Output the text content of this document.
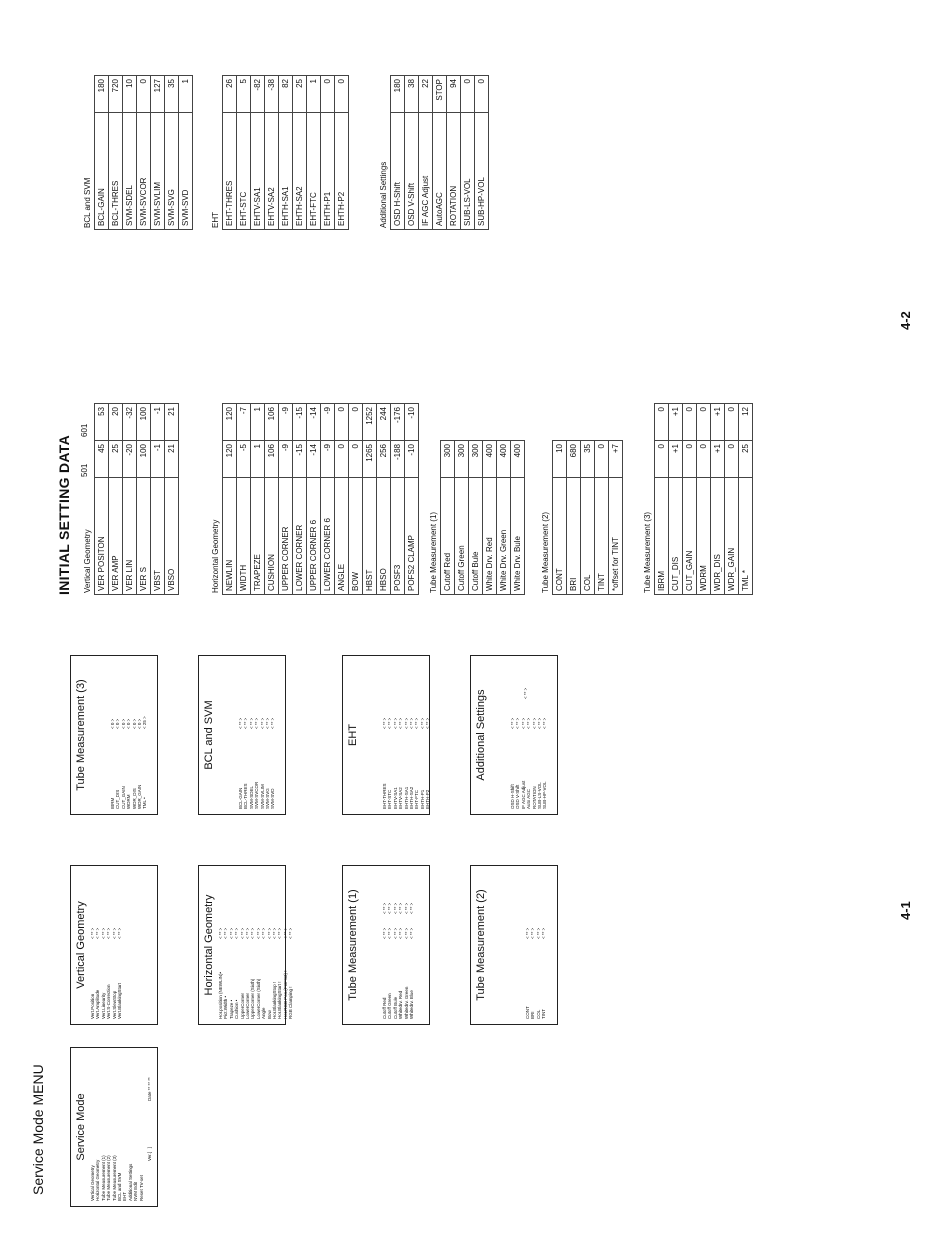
Service Mode MENU	Service Mode
Vertical Geometry Horizontal Geometry Tube Measurement (1) Tube Measurement (2) Tube Measurement (3) BCL and SVM EHT Additional Settings NVM Edit Reset TV-set
Ver.[   ]
Date ** ** **
Vertical Geometry
Vert.Position
< ** >
Vert.Amplitude
< ** >
Vert.Linearity
< ** >
Vert.S-Correction
< ** >
Vert.SlewStop
< ** >
Vert.BlankingStart
< ** >	Horizontal Geometry
Hor.position (NEWLIN)•
< ** >
Pict.Width •
< ** >
Trapeze •
< ** >
Cushion •
< ** >
UpperCorner
< ** >
LowerCorner
< ** >
UpperCorner (Sixth)
< ** >
LowerCorner (Sixth)
< ** >
Angle
< ** >
Bow
< ** >
Hor.BlankingStop !
< ** >
Hor.BlankingStart !
< ** >
Hor.RGB Pos.(POFS3) !
< ** >
RGB Clamping !
< ** >	Tube Measurement (1)
Cutoff Red
< ** >
< ** >
Cutoff Green
< ** >
< ** >
Cutoff Bule
< ** >
< ** >
Whitedrv. Red
< ** >
< ** >
Whitedrv. Green
< ** >
< ** >
Whitedrv. Blue
< ** >
< ** >	Tube Measurement (2)
CONT
< ** >
BRI
< ** >
COL
< ** >
TINT
< ** >
Tube Measurement (3)
IBRM
< 0 >
CUT_DIS
< 0 >
CUT_GAIN
< 0 >
WDRM
< 0 >
WDR_DIS
< 0 >
WDR_GAIN
< 0 >
TML •
< 25 >	BCL and SVM
BCL-GAIN
< ** >
BCL-THRES
< ** >
SVM-SDEL
< ** >
SVM-SVCOR
< ** >
SVM-SVLIM
< ** >
SVM-SVG
< ** >
SVM-SVD
< ** >
EHT
EHT-THRES
< ** >
EHT-STC
< ** >
EHTV-SA1
< ** >
EHTV-SA2
< ** >
EHTH-SA1
< ** >
EHTH-SA2
< ** >
EHT-FTC
< ** >
EHTH-P1
< ** >
EHTH-P2
< ** >	Additional Settings
OSD H-Shift
< ** >
OSD V-Shift
< ** >
IF AGC Adjust
< ** >
< ** >
Auto AGC
< ** >
ROTATION
< ** >
SUB-LS-VOL
< ** >
SUB-HP-VOL
< ** >
4-1
4-2
INITIAL SETTING DATA 501
601
Vertical Geometry VER POSITON	45	53
VER AMP	25	20
VER LIN	-20	-32
VER S	100	100
VBST	-1	-1
VBSO	21	21
Horizontal Geometry NEWLIN	120	120
WIDTH	-5	-7
TRAPEZE	1	1
CUSHION	106	106
UPPER CORNER	-9	-9
LOWER CORNER	-15	-15
UPPER CORNER 6	-14	-14
LOWER CORNER 6	-9	-9
ANGLE	0	0
BOW	0	0
HBST	1265	1252
HBSO	256	244
POSF3	-188	-176
POFS2 CLAMP	-10	-10
Tube Measurement (1) Cutoff Red	300
Cutoff Green	300
Cutoff Bule	300
White Drv. Red	400
White Drv. Green	400
White Drv. Bule	400
Tube Measurement (2) CONT	10
BRI	680
COL	35
TINT	0
*offset for TINT	+7
Tube Measurement (3) IBRM	0	0
CUT_DIS	+1	+1
CUT_GAIN	0	0
WDRM	0	0
WDR_DIS	+1	+1
WDR_GAIN	0	0
TML *	25	12
BCL and SVM BCL-GAIN	180
BCL-THRES	720
SVM-SDEL	10
SVM-SVCOR	0
SVM-SVLIM	127
SVM-SVG	35
SVM-SVD	1
EHT EHT-THRES	26
EHT-STC	5
EHTV-SA1	-82
EHTV-SA2	-38
EHTH-SA1	82
EHTH-SA2	25
EHT-FTC	1
EHTH-P1	0
EHTH-P2	0
Additional Settings OSD H-Shift	180
OSD V-Shift	38
IF AGC Adjust	22
AutoAGC	STOP
ROTATION	94
SUB-LS-VOL	0
SUB-HP-VOL	0
